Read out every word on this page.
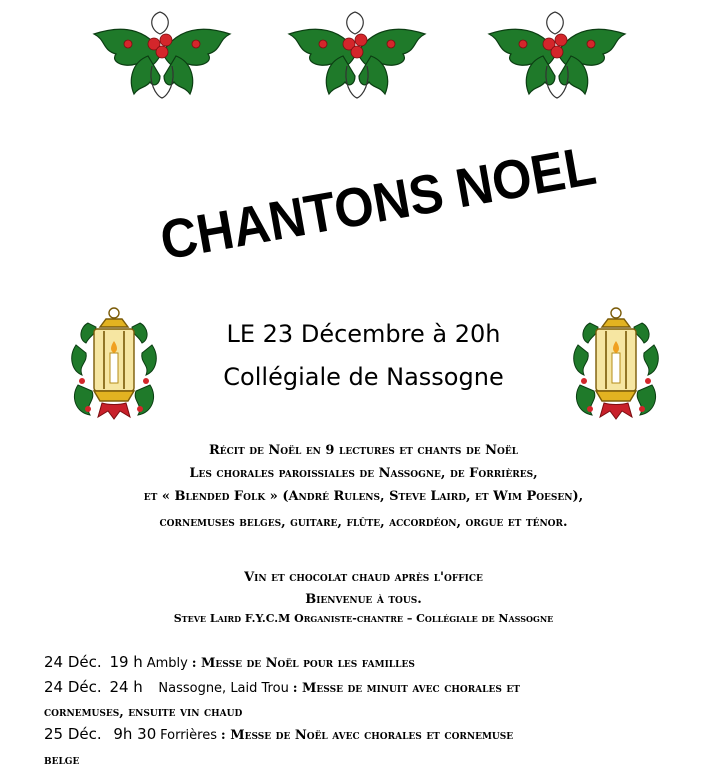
CHANTONS NOEL
LE 23 Décembre à 20h
Collégiale de Nassogne
Récit de Noël en 9 lectures et chants de Noël
Les chorales paroissiales de Nassogne, de Forrières,
et « Blended Folk » (André Rulens, Steve Laird, et Wim Poesen),
cornemuses belges, guitare, flûte, accordéon, orgue et ténor.
Vin et chocolat chaud après l'office
Bienvenue à tous.
Steve Laird F.Y.C.M Organiste-chantre – Collégiale de Nassogne
24 Déc. 19 h Ambly : Messe de Noël pour les familles
24 Déc. 24 h Nassogne, Laid Trou : Messe de minuit avec chorales et
cornemuses, ensuite vin chaud
25 Déc. 9h 30 Forrières : Messe de Noël avec chorales et cornemuse
belge
